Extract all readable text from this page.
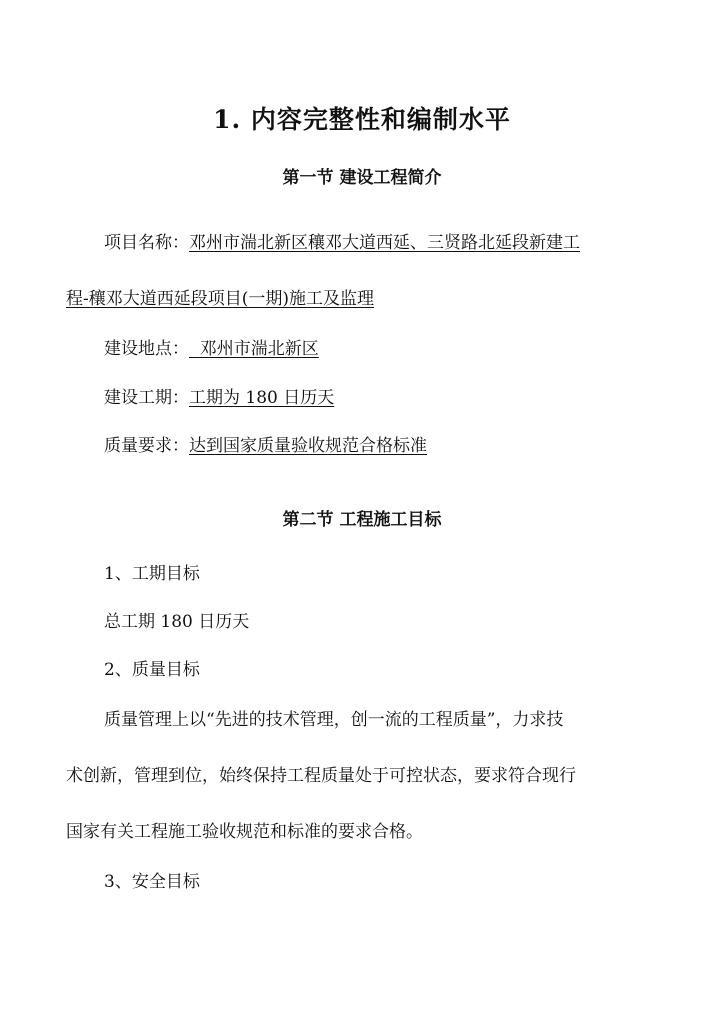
1. 内容完整性和编制水平
第一节 建设工程简介
项目名称：邓州市湍北新区穰邓大道西延、三贤路北延段新建工
程-穰邓大道西延段项目(一期)施工及监理
建设地点：  邓州市湍北新区
建设工期：工期为 180 日历天
质量要求：达到国家质量验收规范合格标准
第二节 工程施工目标
1、工期目标
总工期 180 日历天
2、质量目标
质量管理上以“先进的技术管理，创一流的工程质量”，力求技
术创新，管理到位，始终保持工程质量处于可控状态，要求符合现行
国家有关工程施工验收规范和标准的要求合格。
3、安全目标
